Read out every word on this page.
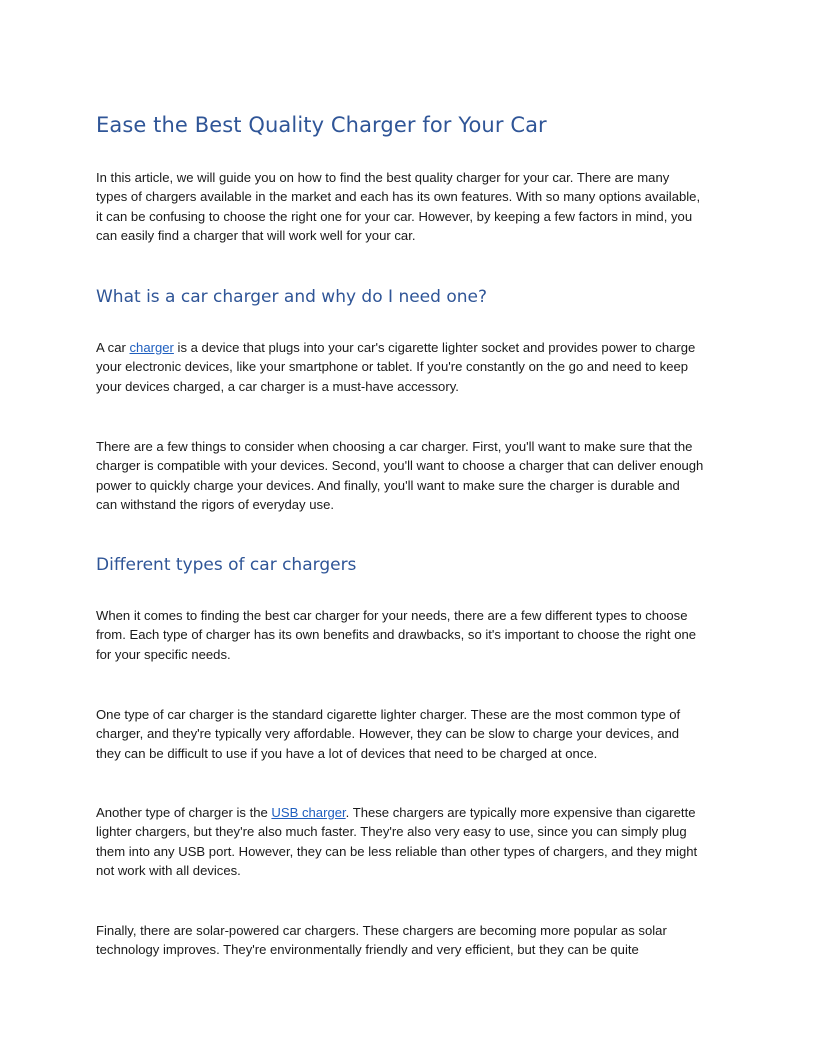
Ease the Best Quality Charger for Your Car
In this article, we will guide you on how to find the best quality charger for your car. There are many
types of chargers available in the market and each has its own features. With so many options available,
it can be confusing to choose the right one for your car. However, by keeping a few factors in mind, you
can easily find a charger that will work well for your car.
What is a car charger and why do I need one?
A car charger is a device that plugs into your car's cigarette lighter socket and provides power to charge
your electronic devices, like your smartphone or tablet. If you're constantly on the go and need to keep
your devices charged, a car charger is a must-have accessory.
There are a few things to consider when choosing a car charger. First, you'll want to make sure that the
charger is compatible with your devices. Second, you'll want to choose a charger that can deliver enough
power to quickly charge your devices. And finally, you'll want to make sure the charger is durable and
can withstand the rigors of everyday use.
Different types of car chargers
When it comes to finding the best car charger for your needs, there are a few different types to choose
from. Each type of charger has its own benefits and drawbacks, so it's important to choose the right one
for your specific needs.
One type of car charger is the standard cigarette lighter charger. These are the most common type of
charger, and they're typically very affordable. However, they can be slow to charge your devices, and
they can be difficult to use if you have a lot of devices that need to be charged at once.
Another type of charger is the USB charger. These chargers are typically more expensive than cigarette
lighter chargers, but they're also much faster. They're also very easy to use, since you can simply plug
them into any USB port. However, they can be less reliable than other types of chargers, and they might
not work with all devices.
Finally, there are solar-powered car chargers. These chargers are becoming more popular as solar
technology improves. They're environmentally friendly and very efficient, but they can be quite
